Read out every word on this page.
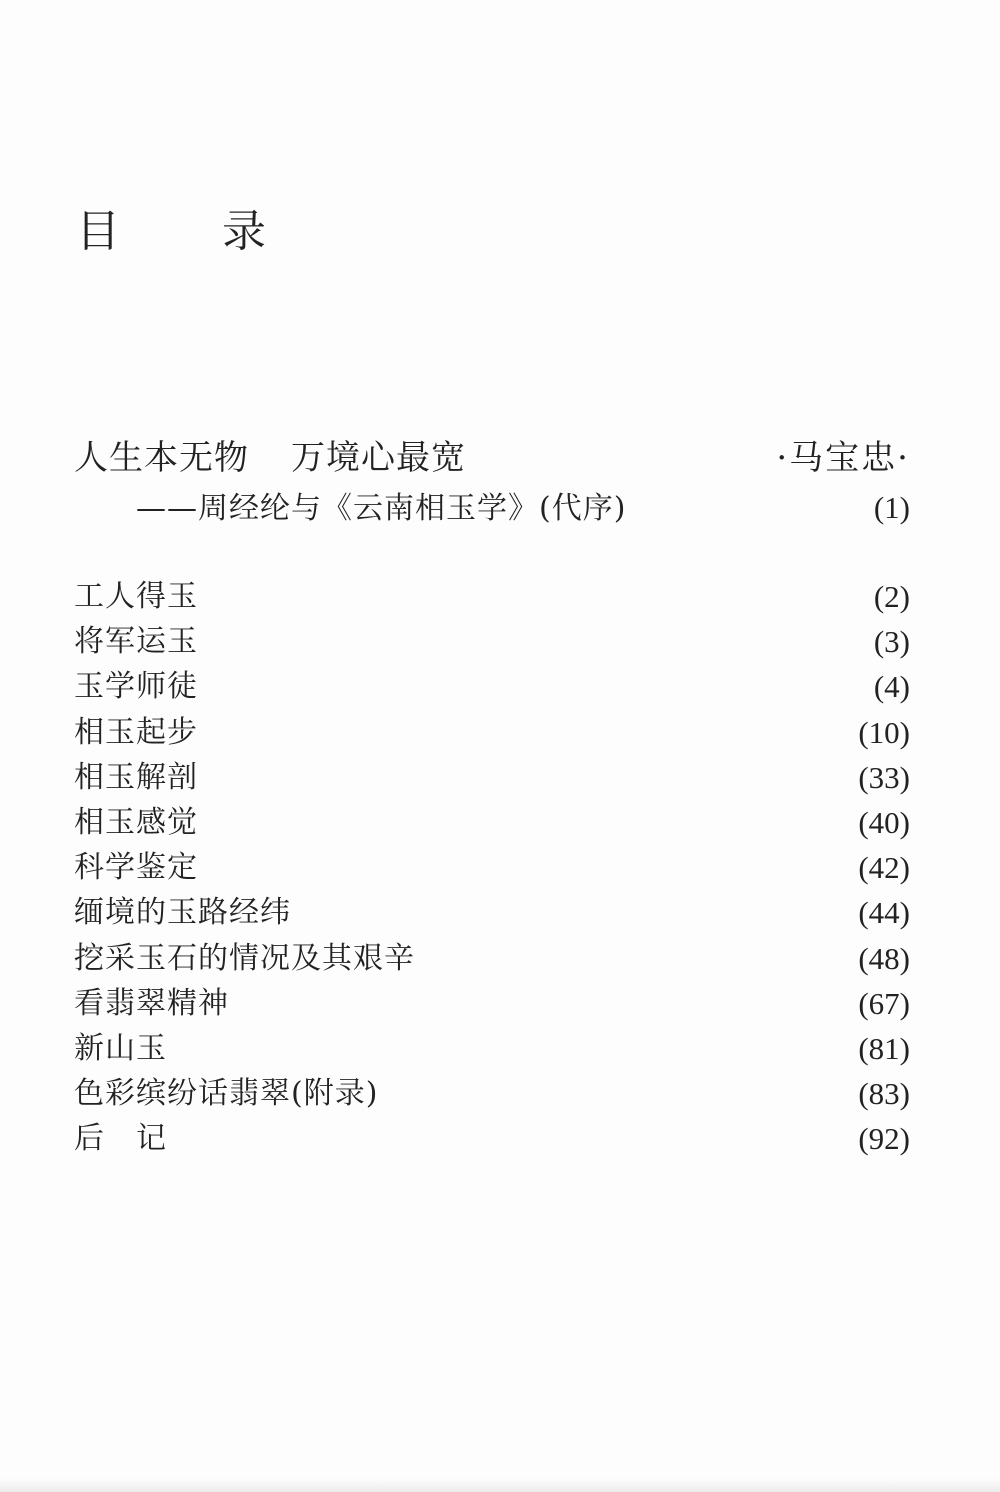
目 录
人生本无物 万境心最宽	·马宝忠·
——周经纶与《云南相玉学》(代序)	(1)
工人得玉	(2)
将军运玉	(3)
玉学师徒	(4)
相玉起步	(10)
相玉解剖	(33)
相玉感觉	(40)
科学鉴定	(42)
缅境的玉路经纬	(44)
挖采玉石的情况及其艰辛	(48)
看翡翠精神	(67)
新山玉	(81)
色彩缤纷话翡翠(附录)	(83)
后　记	(92)
